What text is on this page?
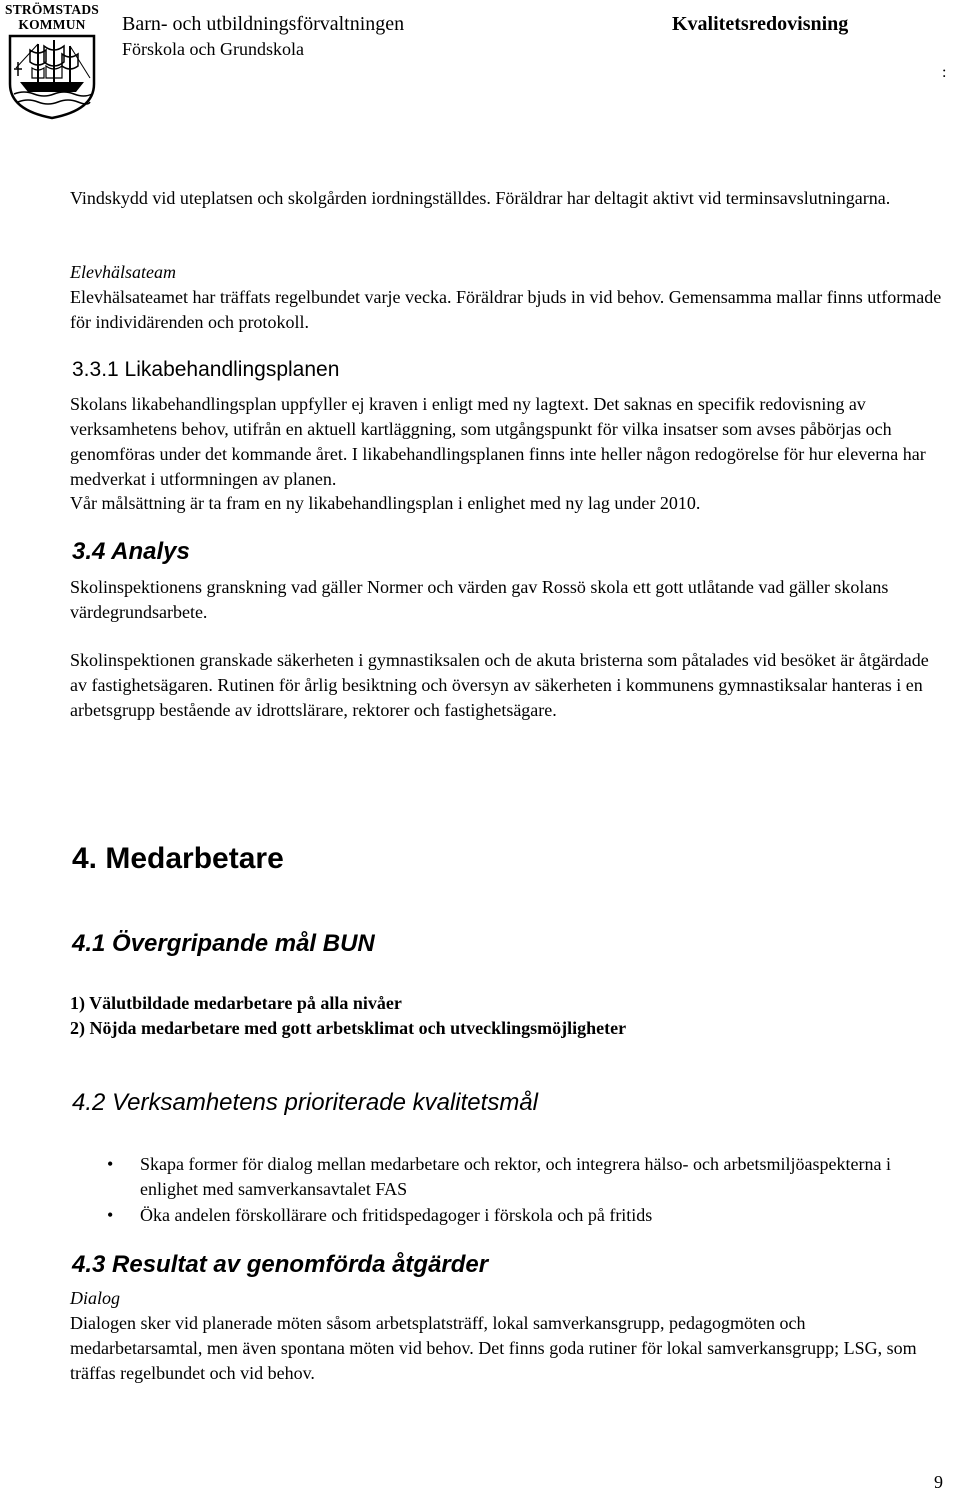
STRÖMSTADS
KOMMUN	Barn- och utbildningsförvaltningen
Förskola och Grundskola
Kvalitetsredovisning
:
Vindskydd vid uteplatsen och skolgården iordningställdes. Föräldrar har deltagit aktivt vid terminsavslutningarna.
Elevhälsateam
Elevhälsateamet har träffats regelbundet varje vecka. Föräldrar bjuds in vid behov. Gemensamma mallar finns utformade för individärenden och protokoll.
3.3.1 Likabehandlingsplanen
Skolans likabehandlingsplan uppfyller ej kraven i enligt med ny lagtext. Det saknas en specifik redovisning av verksamhetens behov, utifrån en aktuell kartläggning, som utgångspunkt för vilka insatser som avses påbörjas och genomföras under det kommande året. I likabehandlingsplanen finns inte heller någon redogörelse för hur eleverna har medverkat i utformningen av planen.
Vår målsättning är ta fram en ny likabehandlingsplan i enlighet med ny lag under 2010.
3.4 Analys
Skolinspektionens granskning vad gäller Normer och värden gav Rossö skola ett gott utlåtande vad gäller skolans värdegrundsarbete.
Skolinspektionen granskade säkerheten i gymnastiksalen och de akuta bristerna som påtalades vid besöket är åtgärdade av fastighetsägaren. Rutinen för årlig besiktning och översyn av säkerheten i kommunens gymnastiksalar hanteras i en arbetsgrupp bestående av idrottslärare, rektorer och fastighetsägare.
4. Medarbetare
4.1 Övergripande mål BUN
1) Välutbildade medarbetare på alla nivåer
2) Nöjda medarbetare med gott arbetsklimat och utvecklingsmöjligheter
4.2 Verksamhetens prioriterade kvalitetsmål
• Skapa former för dialog mellan medarbetare och rektor, och integrera hälso- och arbetsmiljöaspekterna i enlighet med samverkansavtalet FAS
• Öka andelen förskollärare och fritidspedagoger i förskola och på fritids
4.3 Resultat av genomförda åtgärder
Dialog
Dialogen sker vid planerade möten såsom arbetsplatsträff, lokal samverkansgrupp, pedagogmöten och medarbetarsamtal, men även spontana möten vid behov. Det finns goda rutiner för lokal samverkansgrupp; LSG, som träffas regelbundet och vid behov.
9
